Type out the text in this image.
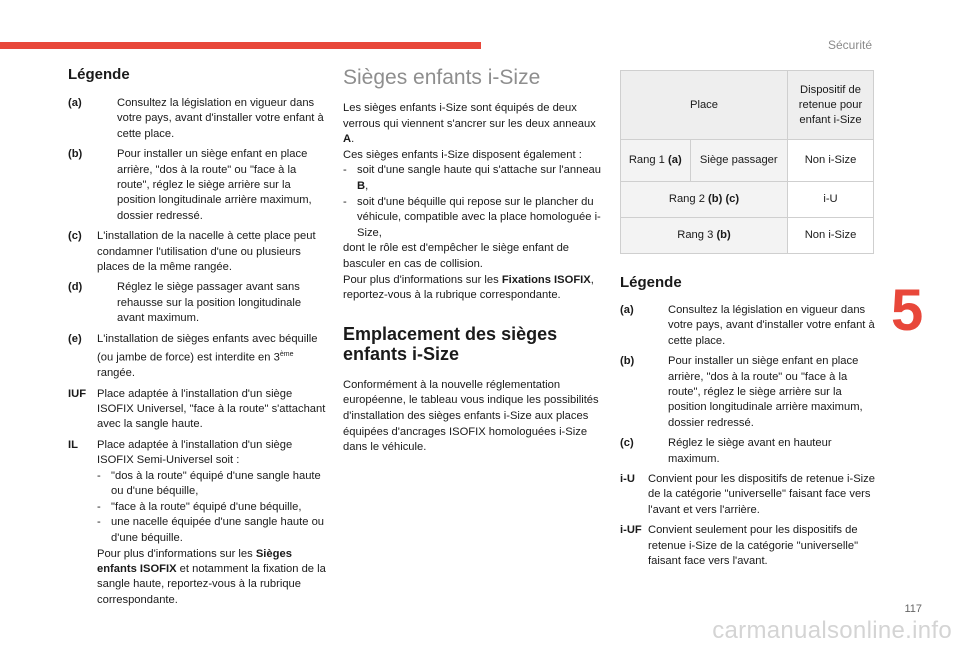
Sécurité
Légende
(a)	Consultez la législation en vigueur dans votre pays, avant d'installer votre enfant à cette place.
(b)	Pour installer un siège enfant en place arrière, "dos à la route" ou "face à la route", réglez le siège arrière sur la position longitudinale arrière maximum, dossier redressé.
(c)	L'installation de la nacelle à cette place peut condamner l'utilisation d'une ou plusieurs places de la même rangée.
(d)	Réglez le siège passager avant sans rehausse sur la position longitudinale avant maximum.
(e)	L'installation de sièges enfants avec béquille (ou jambe de force) est interdite en 3ème rangée.
IUF Place adaptée à l'installation d'un siège ISOFIX Universel, "face à la route" s'attachant avec la sangle haute.
IL	Place adaptée à l'installation d'un siège ISOFIX Semi-Universel soit :
- "dos à la route" équipé d'une sangle haute ou d'une béquille,
- "face à la route" équipé d'une béquille,
- une nacelle équipée d'une sangle haute ou d'une béquille.
Pour plus d'informations sur les Sièges enfants ISOFIX et notamment la fixation de la sangle haute, reportez-vous à la rubrique correspondante.
Sièges enfants i-Size
Les sièges enfants i-Size sont équipés de deux verrous qui viennent s'ancrer sur les deux anneaux A.
Ces sièges enfants i-Size disposent également :
- soit d'une sangle haute qui s'attache sur l'anneau B,
- soit d'une béquille qui repose sur le plancher du véhicule, compatible avec la place homologuée i-Size,
dont le rôle est d'empêcher le siège enfant de basculer en cas de collision.
Pour plus d'informations sur les Fixations ISOFIX, reportez-vous à la rubrique correspondante.
Emplacement des sièges enfants i-Size
Conformément à la nouvelle réglementation européenne, le tableau vous indique les possibilités d'installation des sièges enfants i-Size aux places équipées d'ancrages ISOFIX homologuées i-Size dans le véhicule.
Place		Dispositif de retenue pour enfant i-Size
Rang 1 (a)	Siège passager	Non i-Size
Rang 2 (b) (c)		i-U
Rang 3 (b)		Non i-Size
Légende
(a)	Consultez la législation en vigueur dans votre pays, avant d'installer votre enfant à cette place.
(b)	Pour installer un siège enfant en place arrière, "dos à la route" ou "face à la route", réglez le siège arrière sur la position longitudinale arrière maximum, dossier redressé.
(c)	Réglez le siège avant en hauteur maximum.
i-U	Convient pour les dispositifs de retenue i-Size de la catégorie "universelle" faisant face vers l'avant et vers l'arrière.
i-UF Convient seulement pour les dispositifs de retenue i-Size de la catégorie "universelle" faisant face vers l'avant.
5
117
carmanualsonline.info
